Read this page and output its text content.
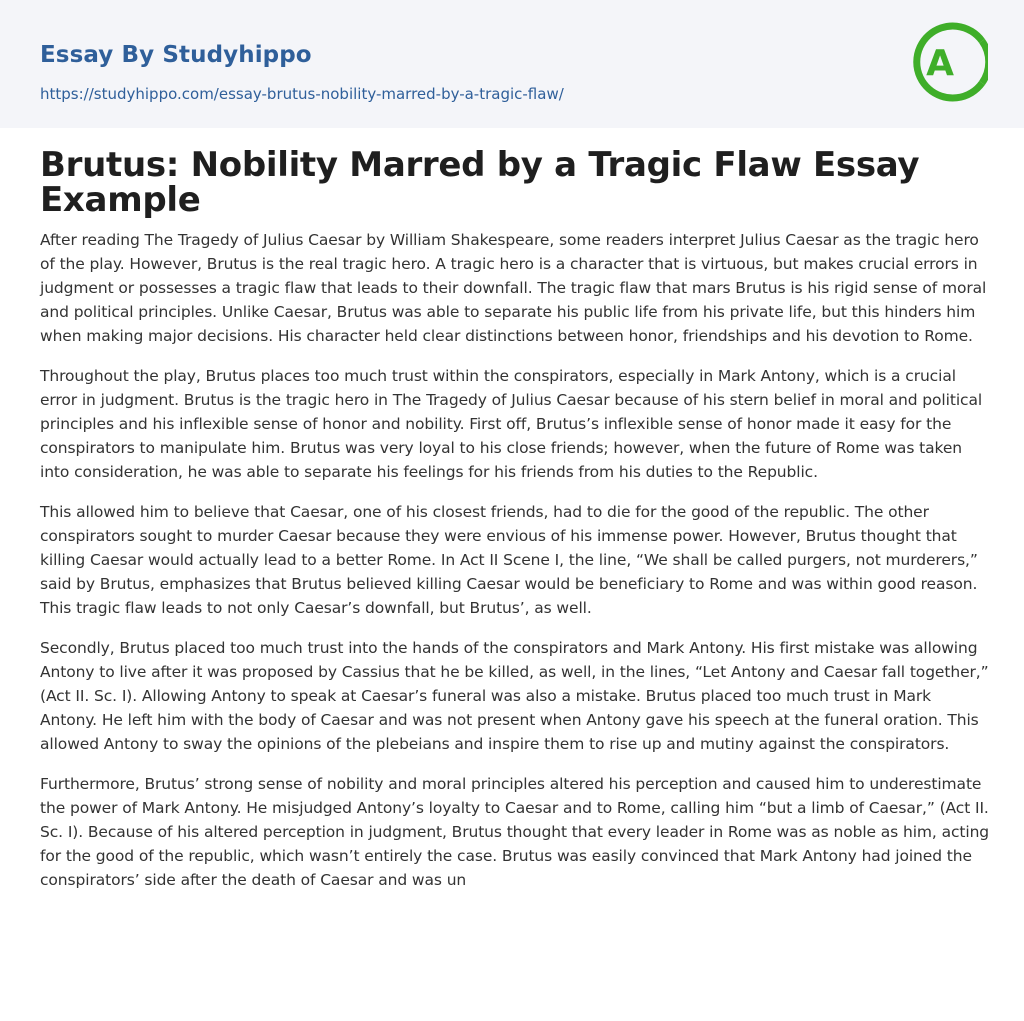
Essay By Studyhippo
https://studyhippo.com/essay-brutus-nobility-marred-by-a-tragic-flaw/
A
Brutus: Nobility Marred by a Tragic Flaw Essay Example

After reading The Tragedy of Julius Caesar by William Shakespeare, some readers interpret Julius Caesar as the tragic hero of the play. However, Brutus is the real tragic hero. A tragic hero is a character that is virtuous, but makes crucial errors in judgment or possesses a tragic flaw that leads to their downfall. The tragic flaw that mars Brutus is his rigid sense of moral and political principles. Unlike Caesar, Brutus was able to separate his public life from his private life, but this hinders him when making major decisions. His character held clear distinctions between honor, friendships and his devotion to Rome.

Throughout the play, Brutus places too much trust within the conspirators, especially in Mark Antony, which is a crucial error in judgment. Brutus is the tragic hero in The Tragedy of Julius Caesar because of his stern belief in moral and political principles and his inflexible sense of honor and nobility. First off, Brutus’s inflexible sense of honor made it easy for the conspirators to manipulate him. Brutus was very loyal to his close friends; however, when the future of Rome was taken into consideration, he was able to separate his feelings for his friends from his duties to the Republic.

This allowed him to believe that Caesar, one of his closest friends, had to die for the good of the republic. The other conspirators sought to murder Caesar because they were envious of his immense power. However, Brutus thought that killing Caesar would actually lead to a better Rome. In Act II Scene I, the line, “We shall be called purgers, not murderers,” said by Brutus, emphasizes that Brutus believed killing Caesar would be beneficiary to Rome and was within good reason. This tragic flaw leads to not only Caesar’s downfall, but Brutus’, as well.

Secondly, Brutus placed too much trust into the hands of the conspirators and Mark Antony. His first mistake was allowing Antony to live after it was proposed by Cassius that he be killed, as well, in the lines, “Let Antony and Caesar fall together,” (Act II. Sc. I). Allowing Antony to speak at Caesar’s funeral was also a mistake. Brutus placed too much trust in Mark Antony. He left him with the body of Caesar and was not present when Antony gave his speech at the funeral oration. This allowed Antony to sway the opinions of the plebeians and inspire them to rise up and mutiny against the conspirators.

Furthermore, Brutus’ strong sense of nobility and moral principles altered his perception and caused him to underestimate the power of Mark Antony. He misjudged Antony’s loyalty to Caesar and to Rome, calling him “but a limb of Caesar,” (Act II. Sc. I). Because of his altered perception in judgment, Brutus thought that every leader in Rome was as noble as him, acting for the good of the republic, which wasn’t entirely the case. Brutus was easily convinced that Mark Antony had joined the conspirators’ side after the death of Caesar and was un
